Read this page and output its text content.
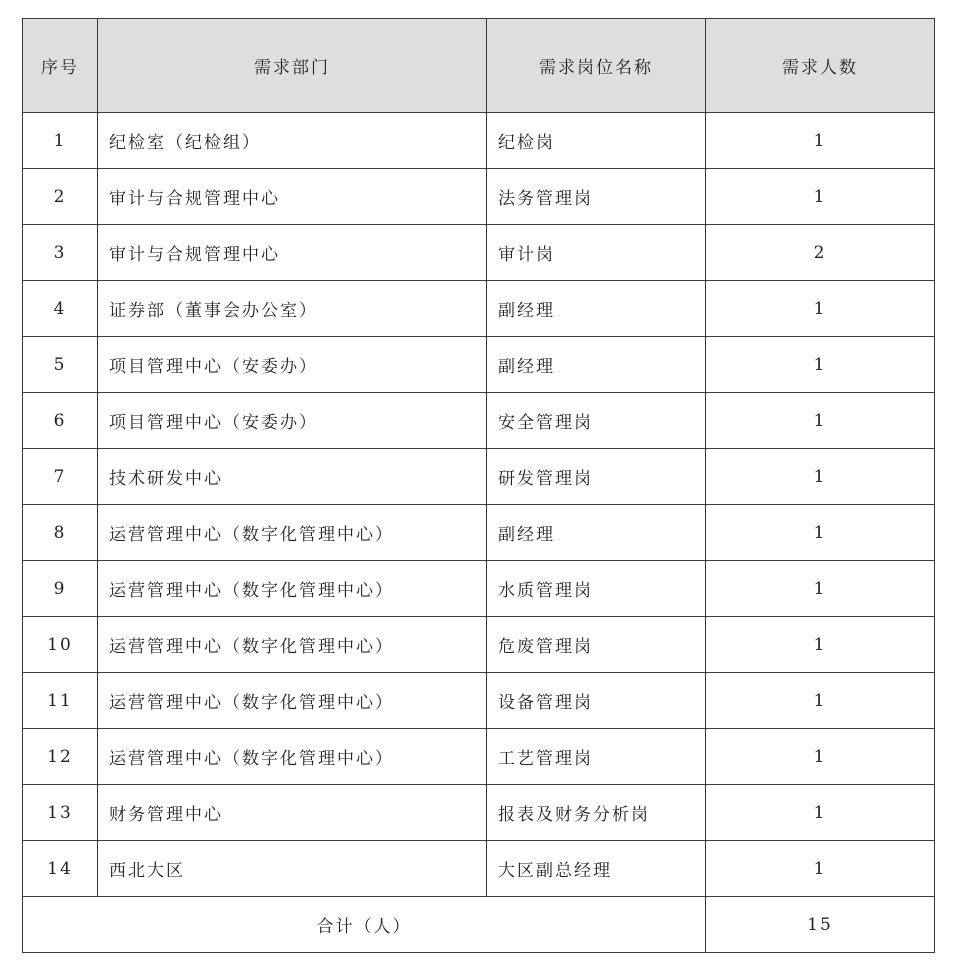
序号	需求部门	需求岗位名称	需求人数
1	纪检室（纪检组）	纪检岗	1
2	审计与合规管理中心	法务管理岗	1
3	审计与合规管理中心	审计岗	2
4	证券部（董事会办公室）	副经理	1
5	项目管理中心（安委办）	副经理	1
6	项目管理中心（安委办）	安全管理岗	1
7	技术研发中心	研发管理岗	1
8	运营管理中心（数字化管理中心）	副经理	1
9	运营管理中心（数字化管理中心）	水质管理岗	1
10	运营管理中心（数字化管理中心）	危废管理岗	1
11	运营管理中心（数字化管理中心）	设备管理岗	1
12	运营管理中心（数字化管理中心）	工艺管理岗	1
13	财务管理中心	报表及财务分析岗	1
14	西北大区	大区副总经理	1
合计（人）			15
